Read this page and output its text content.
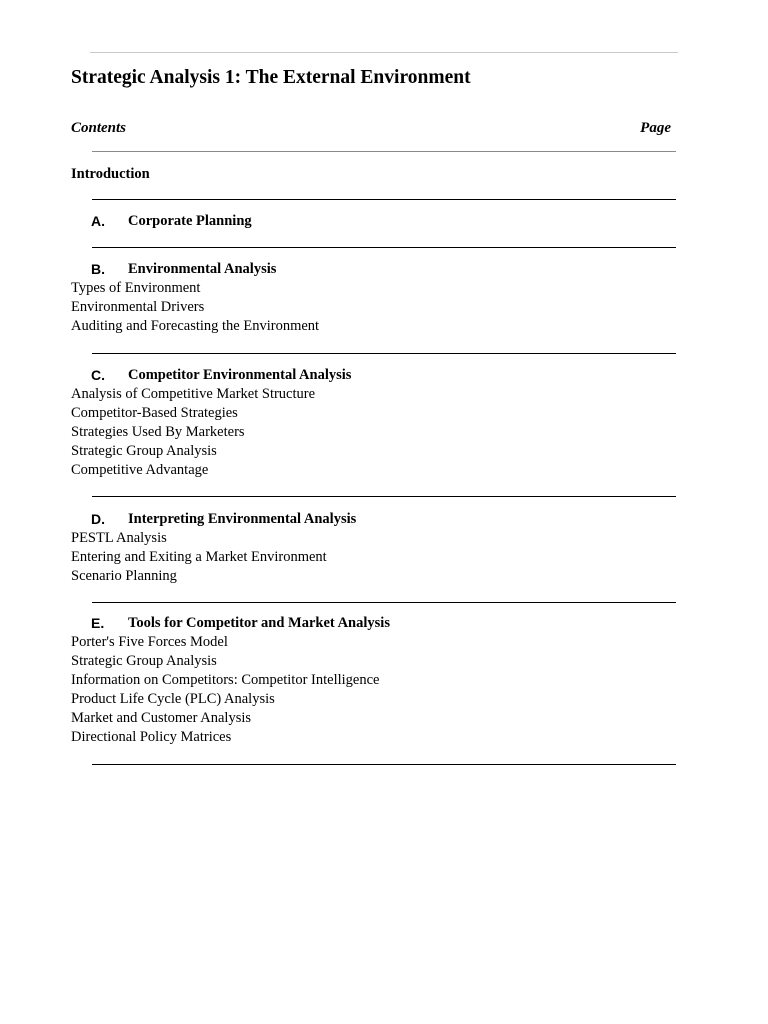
Strategic Analysis 1: The External Environment
Contents	Page
Introduction
A. Corporate Planning
B. Environmental Analysis
Types of Environment
Environmental Drivers
Auditing and Forecasting the Environment
C. Competitor Environmental Analysis
Analysis of Competitive Market Structure
Competitor-Based Strategies
Strategies Used By Marketers
Strategic Group Analysis
Competitive Advantage
D. Interpreting Environmental Analysis
PESTL Analysis
Entering and Exiting a Market Environment
Scenario Planning
E. Tools for Competitor and Market Analysis
Porter's Five Forces Model
Strategic Group Analysis
Information on Competitors: Competitor Intelligence
Product Life Cycle (PLC) Analysis
Market and Customer Analysis
Directional Policy Matrices
